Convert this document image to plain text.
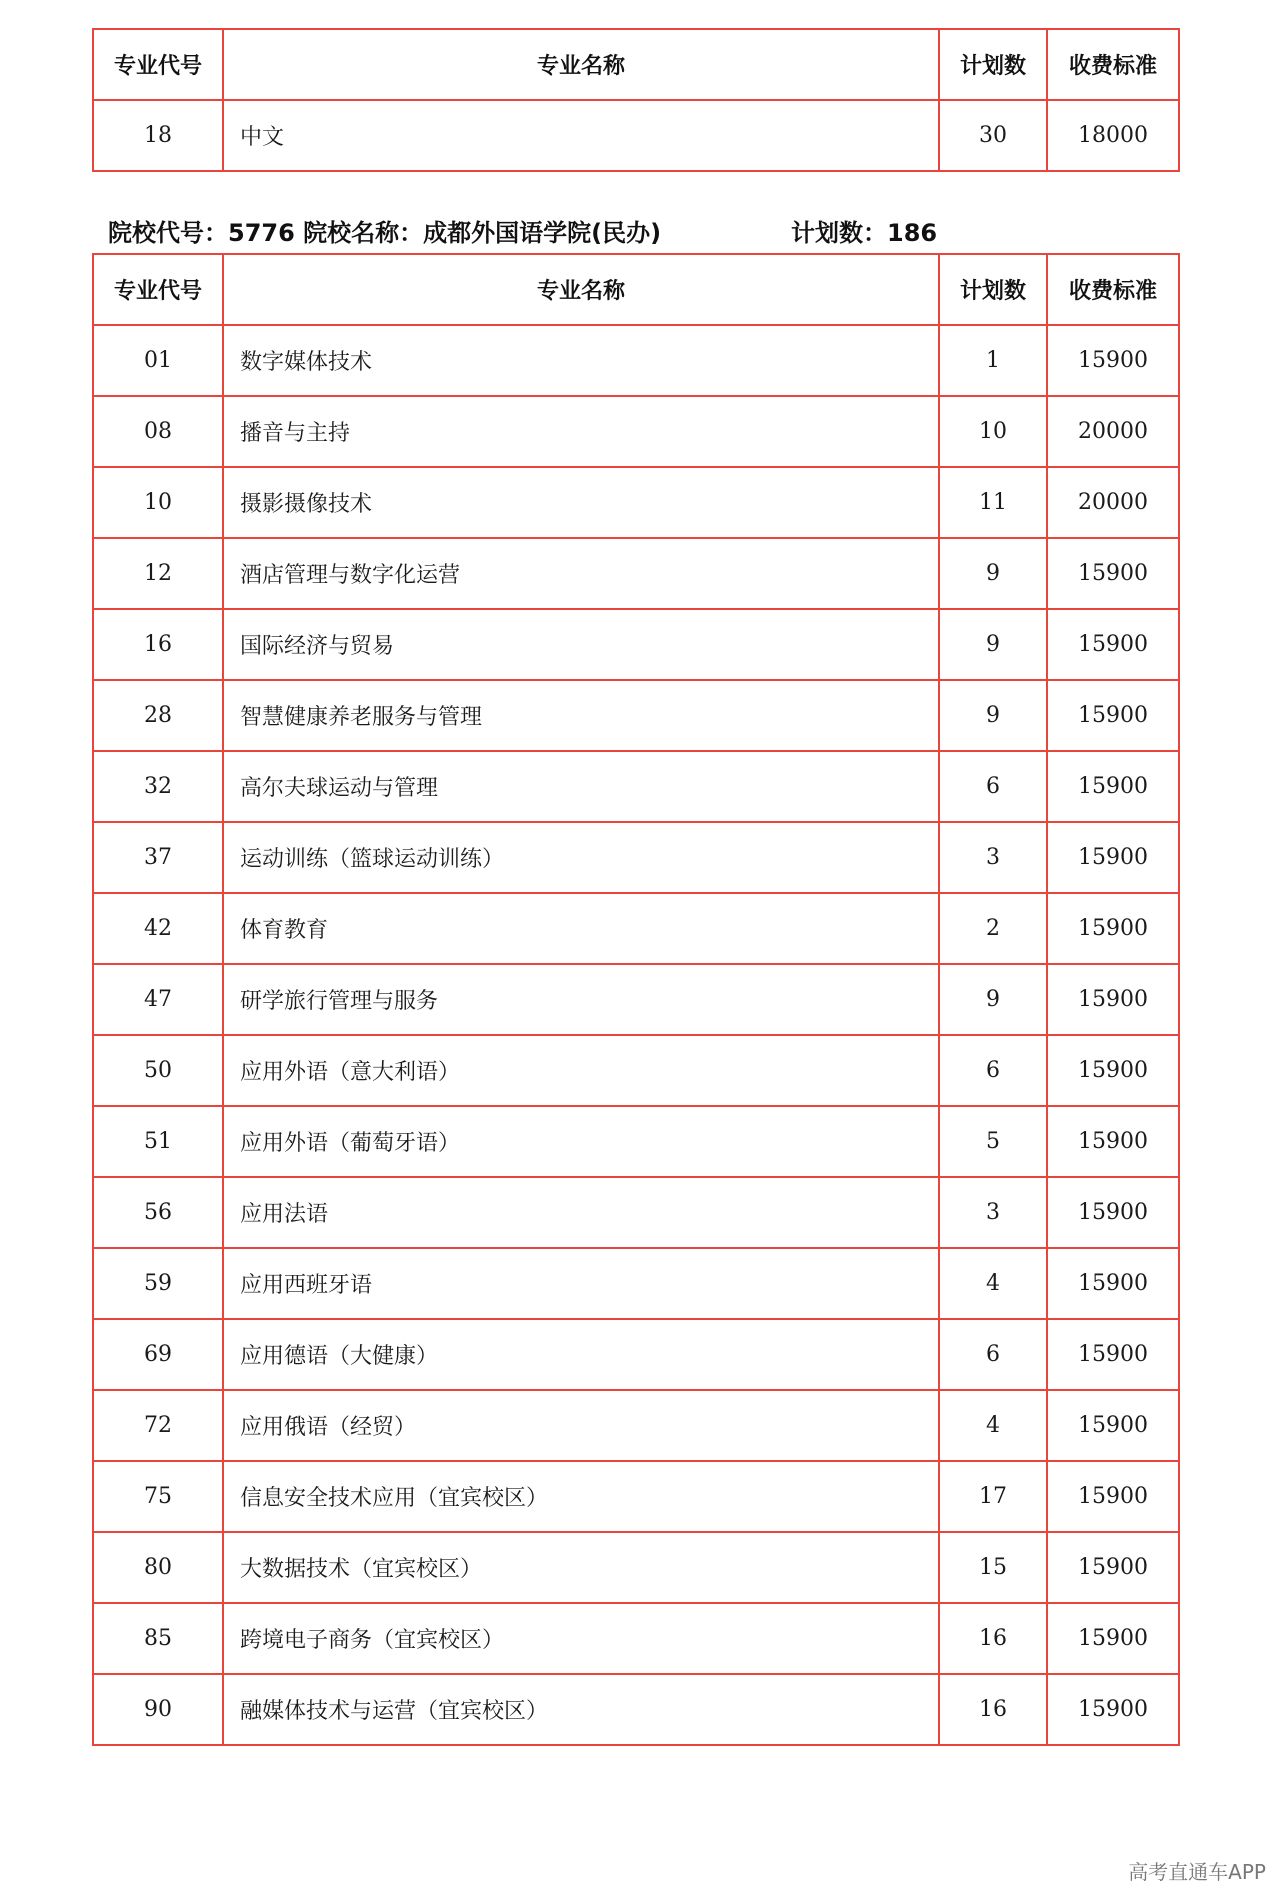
专业代号	专业名称	计划数	收费标准
18	中文	30	18000
院校代号：5776 院校名称：成都外国语学院(民办)	计划数：186
专业代号	专业名称	计划数	收费标准
01	数字媒体技术	1	15900
08	播音与主持	10	20000
10	摄影摄像技术	11	20000
12	酒店管理与数字化运营	9	15900
16	国际经济与贸易	9	15900
28	智慧健康养老服务与管理	9	15900
32	高尔夫球运动与管理	6	15900
37	运动训练（篮球运动训练）	3	15900
42	体育教育	2	15900
47	研学旅行管理与服务	9	15900
50	应用外语（意大利语）	6	15900
51	应用外语（葡萄牙语）	5	15900
56	应用法语	3	15900
59	应用西班牙语	4	15900
69	应用德语（大健康）	6	15900
72	应用俄语（经贸）	4	15900
75	信息安全技术应用（宜宾校区）	17	15900
80	大数据技术（宜宾校区）	15	15900
85	跨境电子商务（宜宾校区）	16	15900
90	融媒体技术与运营（宜宾校区）	16	15900
高考直通车APP
